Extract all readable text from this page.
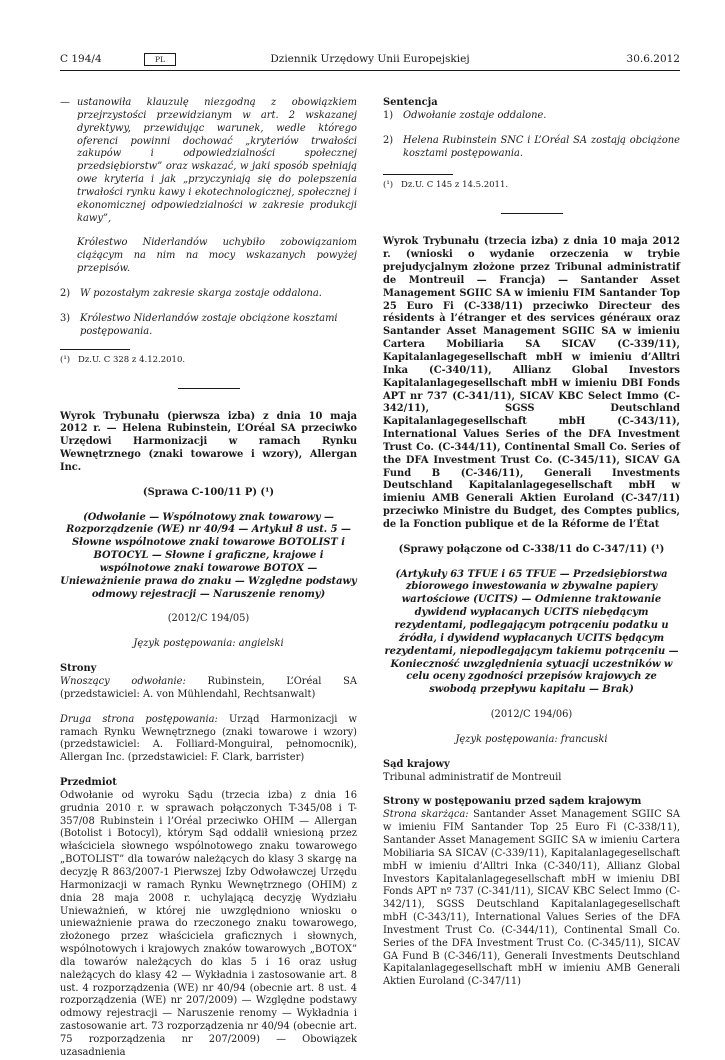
C 194/4	PL	Dziennik Urzędowy Unii Europejskiej	30.6.2012
— ustanowiła klauzulę niezgodną z obowiązkiem przejrzystości przewidzianym w art. 2 wskazanej dyrektywy, przewidując warunek, wedle którego oferenci powinni dochować „kryteriów trwałości zakupów i odpowiedzialności społecznej przedsiębiorstw” oraz wskazać, w jaki sposób spełniają owe kryteria i jak „przyczyniają się do polepszenia trwałości rynku kawy i ekotechnologicznej, społecznej i ekonomicznej odpowiedzialności w zakresie produkcji kawy”,

Królestwo Niderlandów uchybiło zobowiązaniom ciążącym na nim na mocy wskazanych powyżej przepisów.

2) W pozostałym zakresie skarga zostaje oddalona.
3) Królestwo Niderlandów zostaje obciążone kosztami postępowania.
(¹) Dz.U. C 328 z 4.12.2010.

Wyrok Trybunału (pierwsza izba) z dnia 10 maja 2012 r. — Helena Rubinstein, L’Oréal SA przeciwko Urzędowi Harmonizacji w ramach Rynku Wewnętrznego (znaki towarowe i wzory), Allergan Inc.

(Sprawa C-100/11 P) (¹)

(Odwołanie — Wspólnotowy znak towarowy — Rozporządzenie (WE) nr 40/94 — Artykuł 8 ust. 5 — Słowne wspólnotowe znaki towarowe BOTOLIST i BOTOCYL — Słowne i graficzne, krajowe i wspólnotowe znaki towarowe BOTOX — Unieważnienie prawa do znaku — Względne podstawy odmowy rejestracji — Naruszenie renomy)

(2012/C 194/05)

Język postępowania: angielski

Strony

Wnoszący odwołanie: Rubinstein, L’Oréal SA (przedstawiciel: A. von Mühlendahl, Rechtsanwalt)

Druga strona postępowania: Urząd Harmonizacji w ramach Rynku Wewnętrznego (znaki towarowe i wzory) (przedstawiciel: A. Folliard-Monguiral, pełnomocnik), Allergan Inc. (przedstawiciel: F. Clark, barrister)

Przedmiot

Odwołanie od wyroku Sądu (trzecia izba) z dnia 16 grudnia 2010 r. w sprawach połączonych T-345/08 i T-357/08 Rubinstein i l’Oréal przeciwko OHIM — Allergan (Botolist i Botocyl), którym Sąd oddalił wniesioną przez właściciela słownego wspólnotowego znaku towarowego „BOTOLIST” dla towarów należących do klasy 3 skargę na decyzję R 863/2007-1 Pierwszej Izby Odwoławczej Urzędu Harmonizacji w ramach Rynku Wewnętrznego (OHIM) z dnia 28 maja 2008 r. uchylającą decyzję Wydziału Unieważnień, w której nie uwzględniono wniosku o unieważnienie prawa do rzeczonego znaku towarowego, złożonego przez właściciela graficznych i słownych, wspólnotowych i krajowych znaków towarowych „BOTOX” dla towarów należących do klas 5 i 16 oraz usług należących do klasy 42 — Wykładnia i zastosowanie art. 8 ust. 4 rozporządzenia (WE) nr 40/94 (obecnie art. 8 ust. 4 rozporządzenia (WE) nr 207/2009) — Względne podstawy odmowy rejestracji — Naruszenie renomy — Wykładnia i zastosowanie art. 73 rozporządzenia nr 40/94 (obecnie art. 75 rozporządzenia nr 207/2009) — Obowiązek uzasadnienia

Sentencja

1) Odwołanie zostaje oddalone.
2) Helena Rubinstein SNC i L’Oréal SA zostają obciążone kosztami postępowania.
(¹) Dz.U. C 145 z 14.5.2011.

Wyrok Trybunału (trzecia izba) z dnia 10 maja 2012 r. (wnioski o wydanie orzeczenia w trybie prejudycjalnym złożone przez Tribunal administratif de Montreuil — Francja) — Santander Asset Management SGIIC SA w imieniu FIM Santander Top 25 Euro Fi (C-338/11) przeciwko Directeur des résidents à l’étranger et des services généraux oraz Santander Asset Management SGIIC SA w imieniu Cartera Mobiliaria SA SICAV (C-339/11), Kapitalanlagegesellschaft mbH w imieniu d’Alltri Inka (C-340/11), Allianz Global Investors Kapitalanlagegesellschaft mbH w imieniu DBI Fonds APT nr 737 (C-341/11), SICAV KBC Select Immo (C-342/11), SGSS Deutschland Kapitalanlagegesellschaft mbH (C-343/11), International Values Series of the DFA Investment Trust Co. (C-344/11), Continental Small Co. Series of the DFA Investment Trust Co. (C-345/11), SICAV GA Fund B (C-346/11), Generali Investments Deutschland Kapitalanlagegesellschaft mbH w imieniu AMB Generali Aktien Euroland (C-347/11) przeciwko Ministre du Budget, des Comptes publics, de la Fonction publique et de la Réforme de l’État

(Sprawy połączone od C-338/11 do C-347/11) (¹)

(Artykuły 63 TFUE i 65 TFUE — Przedsiębiorstwa zbiorowego inwestowania w zbywalne papiery wartościowe (UCITS) — Odmienne traktowanie dywidend wypłacanych UCITS niebędącym rezydentami, podlegającym potrąceniu podatku u źródła, i dywidend wypłacanych UCITS będącym rezydentami, niepodlegającym takiemu potrąceniu — Konieczność uwzględnienia sytuacji uczestników w celu oceny zgodności przepisów krajowych ze swobodą przepływu kapitału — Brak)

(2012/C 194/06)

Język postępowania: francuski

Sąd krajowy

Tribunal administratif de Montreuil

Strony w postępowaniu przed sądem krajowym

Strona skarżąca: Santander Asset Management SGIIC SA w imieniu FIM Santander Top 25 Euro Fi (C-338/11), Santander Asset Management SGIIC SA w imieniu Cartera Mobiliaria SA SICAV (C-339/11), Kapitalanlagegesellschaft mbH w imieniu d’Alltri Inka (C-340/11), Allianz Global Investors Kapitalanlagegesellschaft mbH w imieniu DBI Fonds APT nº 737 (C-341/11), SICAV KBC Select Immo (C-342/11), SGSS Deutschland Kapitalanlagegesellschaft mbH (C-343/11), International Values Series of the DFA Investment Trust Co. (C-344/11), Continental Small Co. Series of the DFA Investment Trust Co. (C-345/11), SICAV GA Fund B (C-346/11), Generali Investments Deutschland Kapitalanlagegesellschaft mbH w imieniu AMB Generali Aktien Euroland (C-347/11)
